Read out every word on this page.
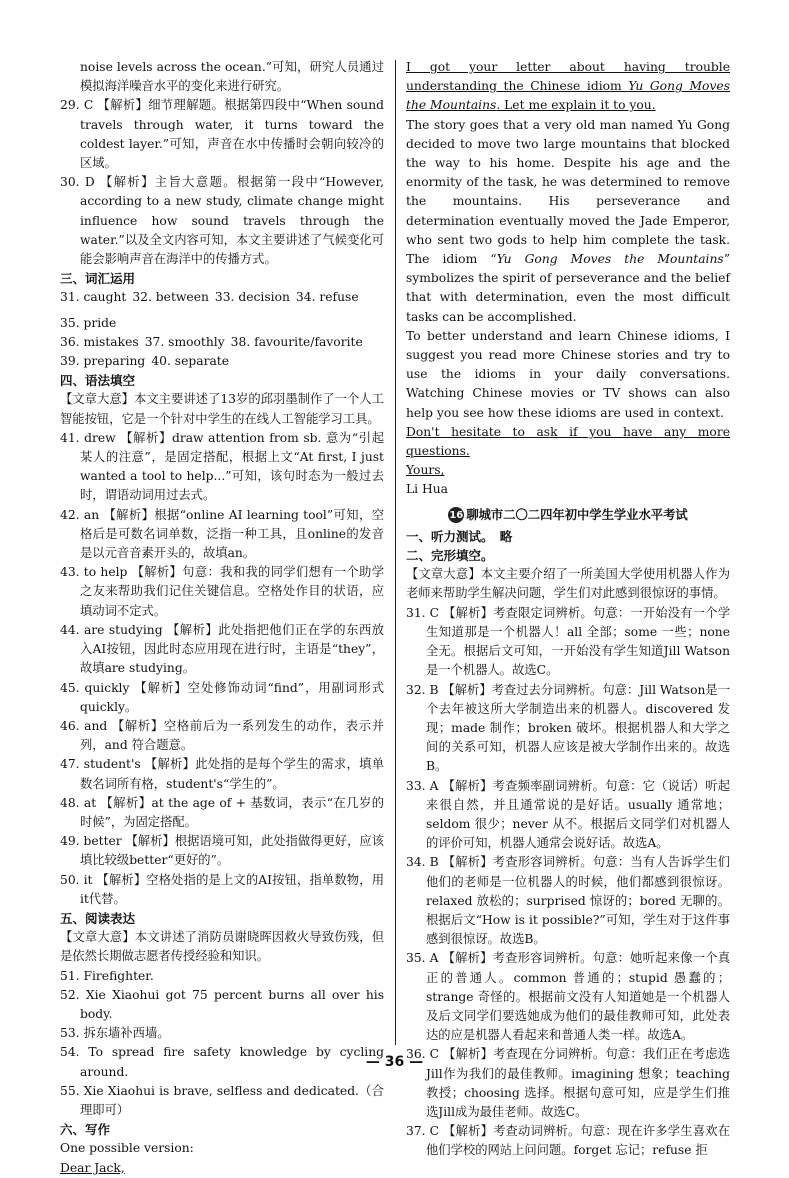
noise levels across the ocean.”可知，研究人员通过模拟海洋噪音水平的变化来进行研究。

29. C 【解析】细节理解题。根据第四段中“When sound travels through water, it turns toward the coldest layer.”可知，声音在水中传播时会朝向较冷的区域。

30. D 【解析】主旨大意题。根据第一段中“However, according to a new study, climate change might influence how sound travels through the water.”以及全文内容可知，本文主要讲述了气候变化可能会影响声音在海洋中的传播方式。

三、词汇运用

31. caught 32. between 33. decision 34. refuse
35. pride
36. mistakes 37. smoothly 38. favourite/favorite
39. preparing 40. separate

四、语法填空

【文章大意】本文主要讲述了13岁的邱羽墨制作了一个人工智能按钮，它是一个针对中学生的在线人工智能学习工具。

41. drew 【解析】draw attention from sb. 意为“引起某人的注意”，是固定搭配，根据上文“At first, I just wanted a tool to help...”可知，该句时态为一般过去时，谓语动词用过去式。

42. an 【解析】根据“online AI learning tool”可知，空格后是可数名词单数，泛指一种工具，且online的发音是以元音音素开头的，故填an。

43. to help 【解析】句意：我和我的同学们想有一个助学之友来帮助我们记住关键信息。空格处作目的状语，应填动词不定式。

44. are studying 【解析】此处指把他们正在学的东西放入AI按钮，因此时态应用现在进行时，主语是“they”，故填are studying。

45. quickly 【解析】空处修饰动词“find”，用副词形式quickly。

46. and 【解析】空格前后为一系列发生的动作，表示并列，and 符合题意。

47. student's 【解析】此处指的是每个学生的需求，填单数名词所有格，student's“学生的”。

48. at 【解析】at the age of + 基数词，表示“在几岁的时候”，为固定搭配。

49. better 【解析】根据语境可知，此处指做得更好，应该填比较级better“更好的”。

50. it 【解析】空格处指的是上文的AI按钮，指单数物，用it代替。

五、阅读表达

【文章大意】本文讲述了消防员谢晓晖因救火导致伤残，但是依然长期做志愿者传授经验和知识。

51. Firefighter.

52. Xie Xiaohui got 75 percent burns all over his body.

53. 拆东墙补西墙。

54. To spread fire safety knowledge by cycling around.

55. Xie Xiaohui is brave, selfless and dedicated.（合理即可）

六、写作

One possible version:

Dear Jack,

I got your letter about having trouble understanding the Chinese idiom Yu Gong Moves the Mountains. Let me explain it to you.

The story goes that a very old man named Yu Gong decided to move two large mountains that blocked the way to his home. Despite his age and the enormity of the task, he was determined to remove the mountains. His perseverance and determination eventually moved the Jade Emperor, who sent two gods to help him complete the task. The idiom “Yu Gong Moves the Mountains” symbolizes the spirit of perseverance and the belief that with determination, even the most difficult tasks can be accomplished.

To better understand and learn Chinese idioms, I suggest you read more Chinese stories and try to use the idioms in your daily conversations. Watching Chinese movies or TV shows can also help you see how these idioms are used in context.

Don't hesitate to ask if you have any more questions.

Yours,

Li Hua

16 聊城市二〇二四年初中学生学业水平考试

一、听力测试。　略

二、完形填空。

【文章大意】本文主要介绍了一所美国大学使用机器人作为老师来帮助学生解决问题，学生们对此感到很惊讶的事情。

31. C 【解析】考查限定词辨析。句意：一开始没有一个学生知道那是一个机器人！all 全部；some 一些；none 全无。根据后文可知，一开始没有学生知道Jill Watson是一个机器人。故选C。

32. B 【解析】考查过去分词辨析。句意：Jill Watson是一个去年被这所大学制造出来的机器人。discovered 发现；made 制作；broken 破坏。根据机器人和大学之间的关系可知，机器人应该是被大学制作出来的。故选B。

33. A 【解析】考查频率副词辨析。句意：它（说话）听起来很自然，并且通常说的是好话。usually 通常地；seldom 很少；never 从不。根据后文同学们对机器人的评价可知，机器人通常会说好话。故选A。

34. B 【解析】考查形容词辨析。句意：当有人告诉学生们他们的老师是一位机器人的时候，他们都感到很惊讶。relaxed 放松的；surprised 惊讶的；bored 无聊的。根据后文“How is it possible?”可知，学生对于这件事感到很惊讶。故选B。

35. A 【解析】考查形容词辨析。句意：她听起来像一个真正的普通人。common 普通的；stupid 愚蠢的；strange 奇怪的。根据前文没有人知道她是一个机器人及后文同学们要选她成为他们的最佳教师可知，此处表达的应是机器人看起来和普通人类一样。故选A。

36. C 【解析】考查现在分词辨析。句意：我们正在考虑选Jill作为我们的最佳教师。imagining 想象；teaching 教授；choosing 选择。根据句意可知，应是学生们推选Jill成为最佳老师。故选C。

37. C 【解析】考查动词辨析。句意：现在许多学生喜欢在他们学校的网站上问问题。forget 忘记；refuse 拒

— 36 —
